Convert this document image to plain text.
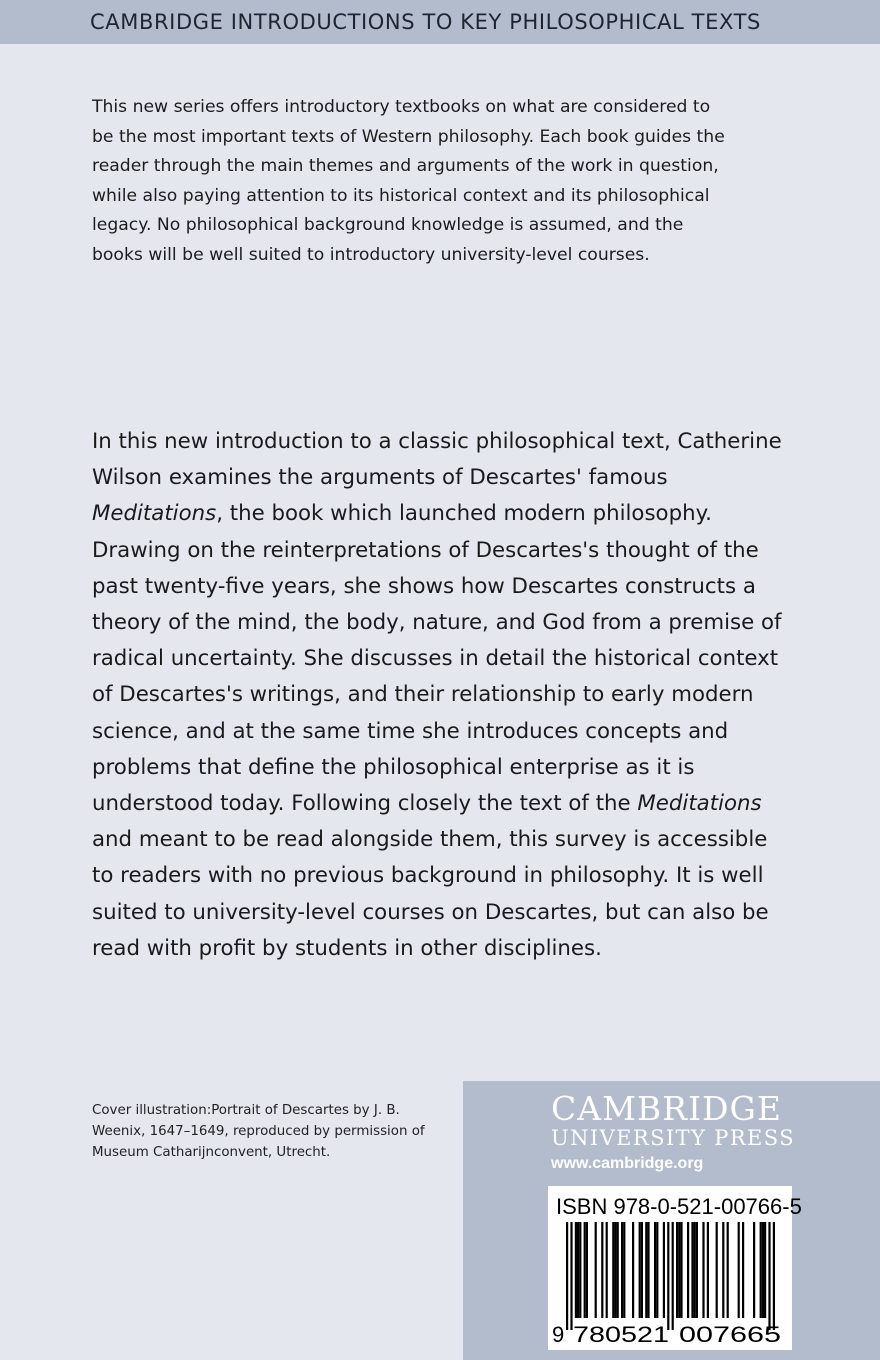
CAMBRIDGE INTRODUCTIONS TO KEY PHILOSOPHICAL TEXTS

This new series offers introductory textbooks on what are considered to be the most important texts of Western philosophy. Each book guides the reader through the main themes and arguments of the work in question, while also paying attention to its historical context and its philosophical legacy. No philosophical background knowledge is assumed, and the books will be well suited to introductory university-level courses.

In this new introduction to a classic philosophical text, Catherine Wilson examines the arguments of Descartes' famous Meditations, the book which launched modern philosophy. Drawing on the reinterpretations of Descartes's thought of the past twenty-five years, she shows how Descartes constructs a theory of the mind, the body, nature, and God from a premise of radical uncertainty. She discusses in detail the historical context of Descartes's writings, and their relationship to early modern science, and at the same time she introduces concepts and problems that define the philosophical enterprise as it is understood today. Following closely the text of the Meditations and meant to be read alongside them, this survey is accessible to readers with no previous background in philosophy. It is well suited to university-level courses on Descartes, but can also be read with profit by students in other disciplines.

Cover illustration:Portrait of Descartes by J. B. Weenix, 1647–1649, reproduced by permission of Museum Catharijnconvent, Utrecht.

CAMBRIDGE
UNIVERSITY PRESS
www.cambridge.org
ISBN 978-0-521-00766-5
9 780521 007665
